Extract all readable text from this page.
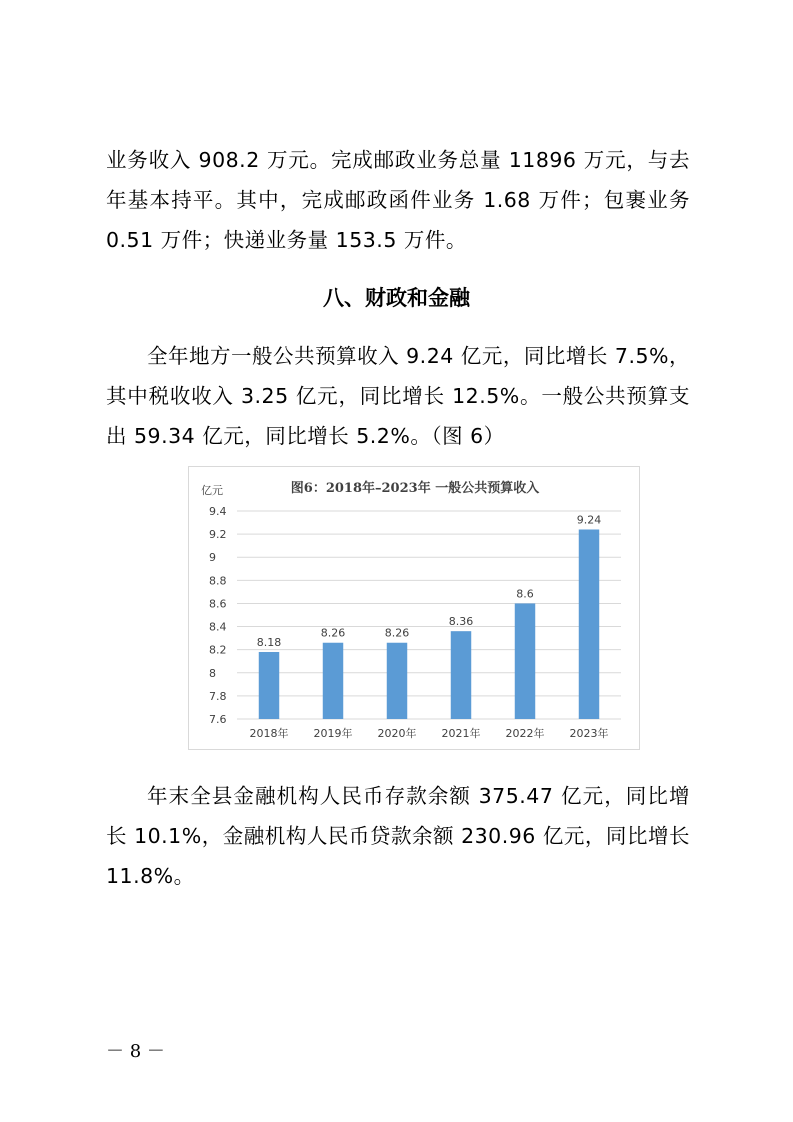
业务收入 908.2 万元。完成邮政业务总量 11896 万元，与去年基本持平。其中，完成邮政函件业务 1.68 万件；包裹业务 0.51 万件；快递业务量 153.5 万件。

八、财政和金融

全年地方一般公共预算收入 9.24 亿元，同比增长 7.5%，其中税收收入 3.25 亿元，同比增长 12.5%。一般公共预算支出 59.34 亿元，同比增长 5.2%。（图 6）

图6：2018年–2023年 一般公共预算收入
亿元
7.6
7.8
8
8.2
8.4
8.6
8.8
9
9.2
9.4
8.18
8.26	8.26
8.36
8.6
9.24
2018年 2019年 2020年 2021年 2022年 2023年

年末全县金融机构人民币存款余额 375.47 亿元，同比增长 10.1%，金融机构人民币贷款余额 230.96 亿元，同比增长 11.8%。

－ 8 －
